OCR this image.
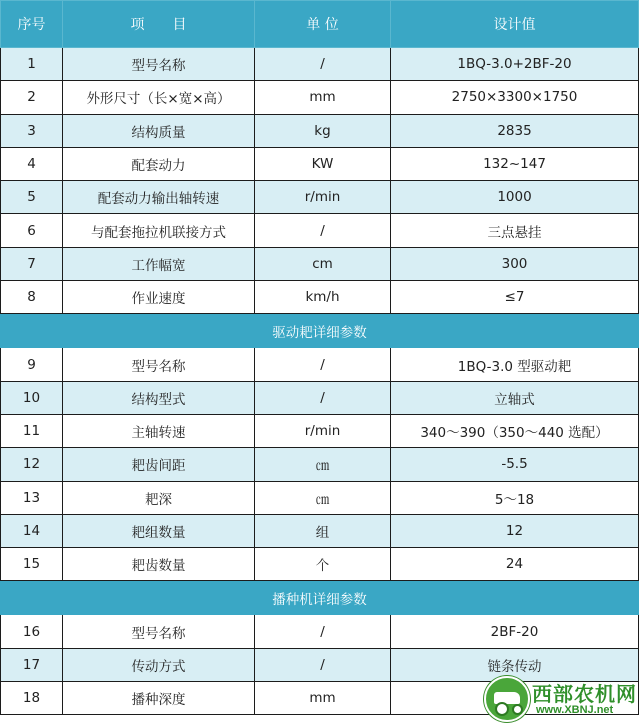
序号	项　　目	单 位	设计值
1	型号名称	/	1BQ-3.0+2BF-20
2	外形尺寸（长×宽×高）	mm	2750×3300×1750
3	结构质量	kg	2835
4	配套动力	KW	132~147
5	配套动力输出轴转速	r/min	1000
6	与配套拖拉机联接方式	/	三点悬挂
7	工作幅宽	cm	300
8	作业速度	km/h	≤7
驱动耙详细参数			
9	型号名称	/	1BQ-3.0 型驱动耙
10	结构型式	/	立轴式
11	主轴转速	r/min	340～390（350～440 选配）
12	耙齿间距	㎝	-5.5
13	耙深	㎝	5～18
14	耙组数量	组	12
15	耙齿数量	个	24
播种机详细参数			
16	型号名称	/	2BF-20
17	传动方式	/	链条传动
18	播种深度	mm		西部农机网
www.XBNJ.net
